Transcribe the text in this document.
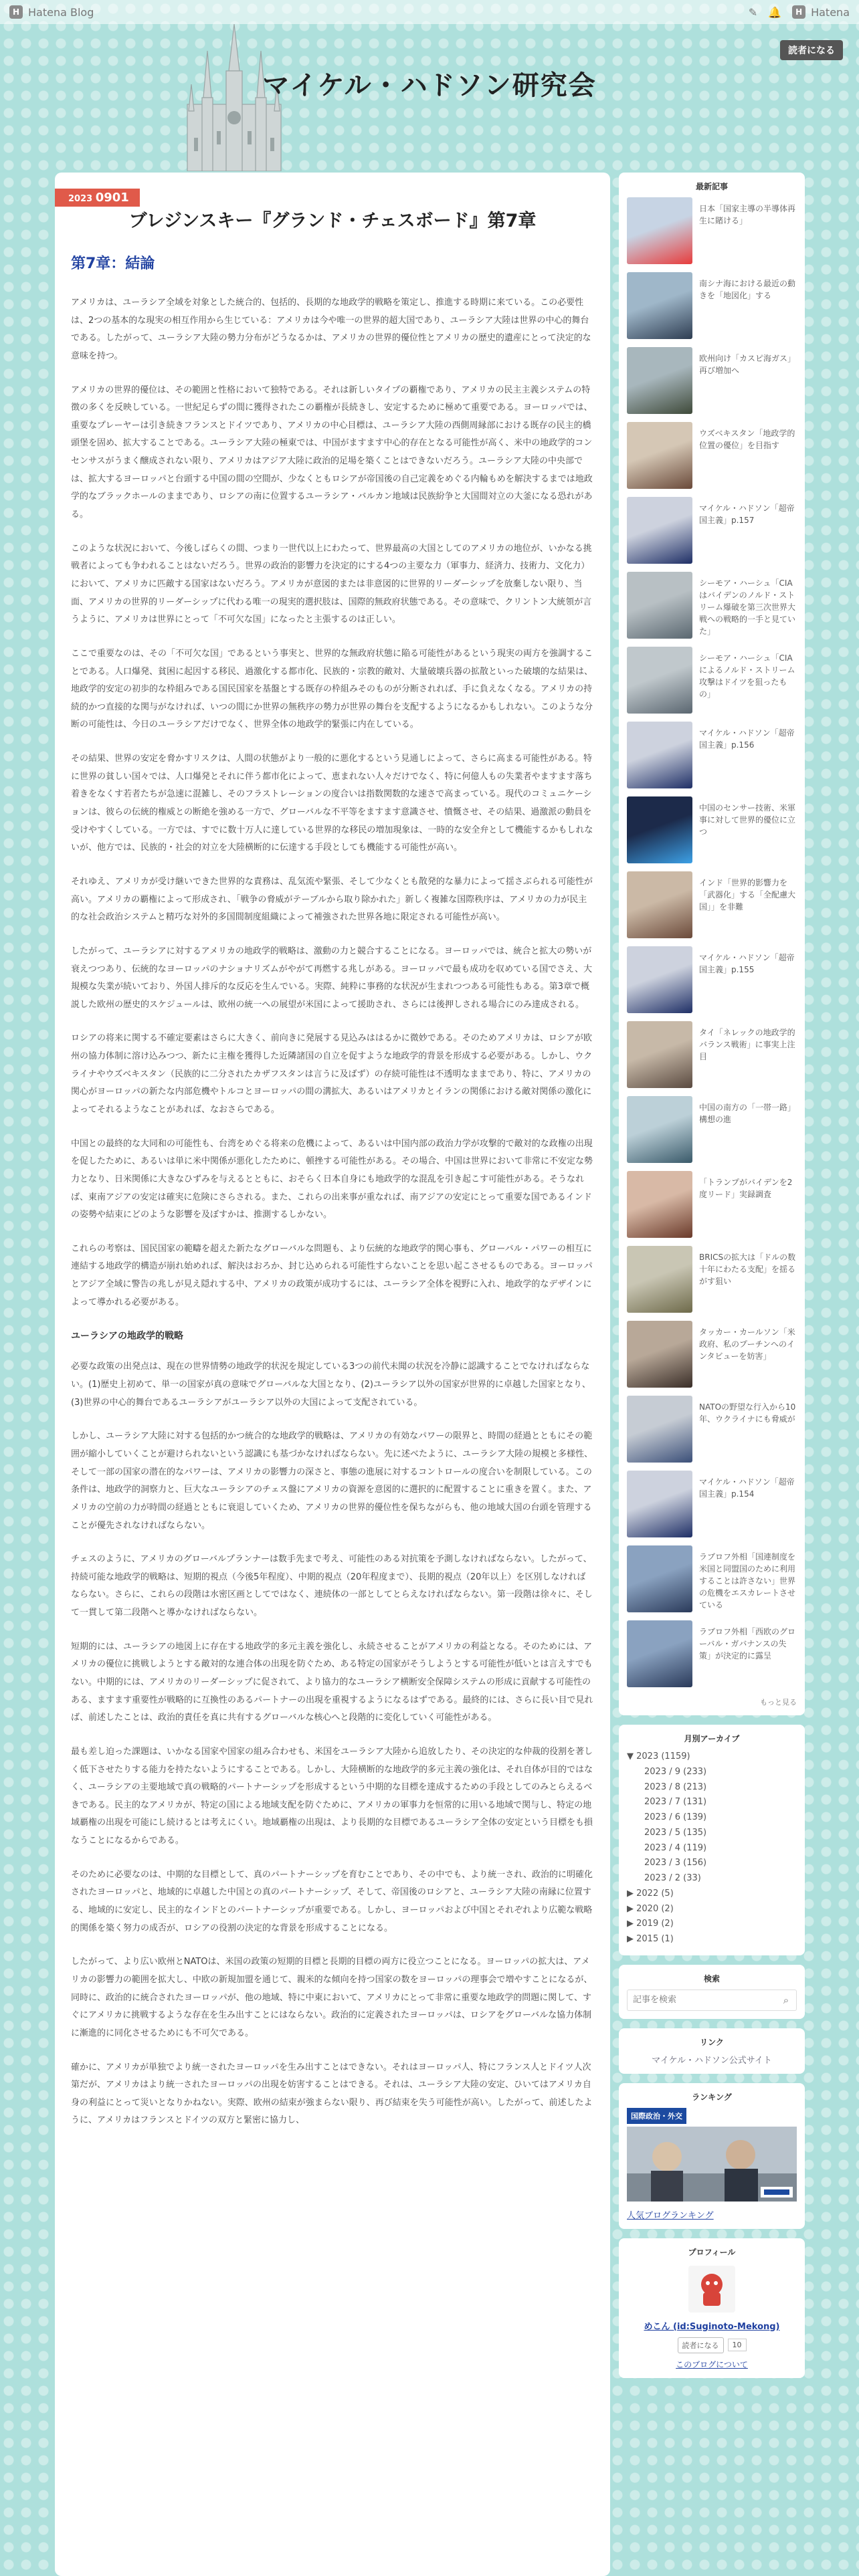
H Hatena Blog	✎ 🔔	H Hatena
マイケル・ハドソン研究会
読者になる
2023 0901
ブレジンスキー『グランド・チェスボード』第7章
第7章：結論

アメリカは、ユーラシア全域を対象とした統合的、包括的、長期的な地政学的戦略を策定し、推進する時期に来ている。この必要性は、2つの基本的な現実の相互作用から生じている：アメリカは今や唯一の世界的超大国であり、ユーラシア大陸は世界の中心的舞台である。したがって、ユーラシア大陸の勢力分布がどうなるかは、アメリカの世界的優位性とアメリカの歴史的遺産にとって決定的な意味を持つ。

アメリカの世界的優位は、その範囲と性格において独特である。それは新しいタイプの覇権であり、アメリカの民主主義システムの特徴の多くを反映している。一世紀足らずの間に獲得されたこの覇権が長続きし、安定するために極めて重要である。ヨーロッパでは、重要なプレーヤーは引き続きフランスとドイツであり、アメリカの中心目標は、ユーラシア大陸の西側周縁部における既存の民主的橋頭堡を固め、拡大することである。ユーラシア大陸の極東では、中国がますます中心的存在となる可能性が高く、米中の地政学的コンセンサスがうまく醸成されない限り、アメリカはアジア大陸に政治的足場を築くことはできないだろう。ユーラシア大陸の中央部では、拡大するヨーロッパと台頭する中国の間の空間が、少なくともロシアが帝国後の自己定義をめぐる内輪もめを解決するまでは地政学的なブラックホールのままであり、ロシアの南に位置するユーラシア・バルカン地域は民族紛争と大国間対立の大釜になる恐れがある。

このような状況において、今後しばらくの間、つまり一世代以上にわたって、世界最高の大国としてのアメリカの地位が、いかなる挑戦者によっても争われることはないだろう。世界の政治的影響力を決定的にする4つの主要な力（軍事力、経済力、技術力、文化力）において、アメリカに匹敵する国家はないだろう。アメリカが意図的または非意図的に世界的リーダーシップを放棄しない限り、当面、アメリカの世界的リーダーシップに代わる唯一の現実的選択肢は、国際的無政府状態である。その意味で、クリントン大統領が言うように、アメリカは世界にとって「不可欠な国」になったと主張するのは正しい。

ここで重要なのは、その「不可欠な国」であるという事実と、世界的な無政府状態に陥る可能性があるという現実の両方を強調することである。人口爆発、貧困に起因する移民、過激化する都市化、民族的・宗教的敵対、大量破壊兵器の拡散といった破壊的な結果は、地政学的安定の初歩的な枠組みである国民国家を基盤とする既存の枠組みそのものが分断されれば、手に負えなくなる。アメリカの持続的かつ直接的な関与がなければ、いつの間にか世界の無秩序の勢力が世界の舞台を支配するようになるかもしれない。このような分断の可能性は、今日のユーラシアだけでなく、世界全体の地政学的緊張に内在している。

その結果、世界の安定を脅かすリスクは、人間の状態がより一般的に悪化するという見通しによって、さらに高まる可能性がある。特に世界の貧しい国々では、人口爆発とそれに伴う都市化によって、恵まれない人々だけでなく、特に何億人もの失業者やますます落ち着きをなくす若者たちが急速に混雑し、そのフラストレーションの度合いは指数関数的な速さで高まっている。現代のコミュニケーションは、彼らの伝統的権威との断絶を強める一方で、グローバルな不平等をますます意識させ、憤慨させ、その結果、過激派の動員を受けやすくしている。一方では、すでに数十万人に達している世界的な移民の増加現象は、一時的な安全弁として機能するかもしれないが、他方では、民族的・社会的対立を大陸横断的に伝達する手段としても機能する可能性が高い。

それゆえ、アメリカが受け継いできた世界的な責務は、乱気流や緊張、そして少なくとも散発的な暴力によって揺さぶられる可能性が高い。アメリカの覇権によって形成され、「戦争の脅威がテーブルから取り除かれた」新しく複雑な国際秩序は、アメリカの力が民主的な社会政治システムと精巧な対外的多国間制度組織によって補強された世界各地に限定される可能性が高い。

したがって、ユーラシアに対するアメリカの地政学的戦略は、激動の力と競合することになる。ヨーロッパでは、統合と拡大の勢いが衰えつつあり、伝統的なヨーロッパのナショナリズムがやがて再燃する兆しがある。ヨーロッパで最も成功を収めている国でさえ、大規模な失業が続いており、外国人排斥的な反応を生んでいる。実際、純粋に事務的な状況が生まれつつある可能性もある。第3章で概説した欧州の歴史的スケジュールは、欧州の統一への展望が米国によって援助され、さらには後押しされる場合にのみ達成される。

ロシアの将来に関する不確定要素はさらに大きく、前向きに発展する見込みははるかに微妙である。そのためアメリカは、ロシアが欧州の協力体制に溶け込みつつ、新たに主権を獲得した近隣諸国の自立を促すような地政学的背景を形成する必要がある。しかし、ウクライナやウズベキスタン（民族的に二分されたカザフスタンは言うに及ばず）の存続可能性は不透明なままであり、特に、アメリカの関心がヨーロッパの新たな内部危機やトルコとヨーロッパの間の溝拡大、あるいはアメリカとイランの関係における敵対関係の激化によってそれるようなことがあれば、なおさらである。

中国との最終的な大同和の可能性も、台湾をめぐる将来の危機によって、あるいは中国内部の政治力学が攻撃的で敵対的な政権の出現を促したために、あるいは単に米中関係が悪化したために、頓挫する可能性がある。その場合、中国は世界において非常に不安定な勢力となり、日米関係に大きなひずみを与えるとともに、おそらく日本自身にも地政学的な混乱を引き起こす可能性がある。そうなれば、東南アジアの安定は確実に危険にさらされる。また、これらの出来事が重なれば、南アジアの安定にとって重要な国であるインドの姿勢や結束にどのような影響を及ぼすかは、推測するしかない。

これらの考察は、国民国家の範疇を超えた新たなグローバルな問題も、より伝統的な地政学的関心事も、グローバル・パワーの相互に連結する地政学的構造が崩れ始めれば、解決はおろか、封じ込められる可能性すらないことを思い起こさせるものである。ヨーロッパとアジア全域に警告の兆しが見え隠れする中、アメリカの政策が成功するには、ユーラシア全体を視野に入れ、地政学的なデザインによって導かれる必要がある。

ユーラシアの地政学的戦略

必要な政策の出発点は、現在の世界情勢の地政学的状況を規定している3つの前代未聞の状況を冷静に認識することでなければならない。(1)歴史上初めて、単一の国家が真の意味でグローバルな大国となり、(2)ユーラシア以外の国家が世界的に卓越した国家となり、(3)世界の中心的舞台であるユーラシアがユーラシア以外の大国によって支配されている。

しかし、ユーラシア大陸に対する包括的かつ統合的な地政学的戦略は、アメリカの有効なパワーの限界と、時間の経過とともにその範囲が縮小していくことが避けられないという認識にも基づかなければならない。先に述べたように、ユーラシア大陸の規模と多様性、そして一部の国家の潜在的なパワーは、アメリカの影響力の深さと、事態の進展に対するコントロールの度合いを制限している。この条件は、地政学的洞察力と、巨大なユーラシアのチェス盤にアメリカの資源を意図的に選択的に配置することに重きを置く。また、アメリカの空前の力が時間の経過とともに衰退していくため、アメリカの世界的優位性を保ちながらも、他の地域大国の台頭を管理することが優先されなければならない。

チェスのように、アメリカのグローバルプランナーは数手先まで考え、可能性のある対抗策を予測しなければならない。したがって、持続可能な地政学的戦略は、短期的視点（今後5年程度）、中期的視点（20年程度まで）、長期的視点（20年以上）を区別しなければならない。さらに、これらの段階は水密区画としてではなく、連続体の一部としてとらえなければならない。第一段階は徐々に、そして一貫して第二段階へと導かなければならない。

短期的には、ユーラシアの地図上に存在する地政学的多元主義を強化し、永続させることがアメリカの利益となる。そのためには、アメリカの優位に挑戦しようとする敵対的な連合体の出現を防ぐため、ある特定の国家がそうしようとする可能性が低いとは言えすでもない。中期的には、アメリカのリーダーシップに促されて、より協力的なユーラシア横断安全保障システムの形成に貢献する可能性のある、ますます重要性が戦略的に互換性のあるパートナーの出現を重視するようになるはずである。最終的には、さらに長い目で見れば、前述したことは、政治的責任を真に共有するグローバルな核心へと段階的に変化していく可能性がある。

最も差し迫った課題は、いかなる国家や国家の組み合わせも、米国をユーラシア大陸から追放したり、その決定的な仲裁的役割を著しく低下させたりする能力を持たないようにすることである。しかし、大陸横断的な地政学的多元主義の強化は、それ自体が目的ではなく、ユーラシアの主要地域で真の戦略的パートナーシップを形成するという中期的な目標を達成するための手段としてのみとらえるべきである。民主的なアメリカが、特定の国による地域支配を防ぐために、アメリカの軍事力を恒常的に用いる地域で関与し、特定の地域覇権の出現を可能にし続けるとは考えにくい。地域覇権の出現は、より長期的な目標であるユーラシア全体の安定という目標をも損なうことになるからである。

そのために必要なのは、中期的な目標として、真のパートナーシップを育むことであり、その中でも、より統一され、政治的に明確化されたヨーロッパと、地域的に卓越した中国との真のパートナーシップ、そして、帝国後のロシアと、ユーラシア大陸の南縁に位置する、地域的に安定し、民主的なインドとのパートナーシップが重要である。しかし、ヨーロッパおよび中国とそれぞれより広範な戦略的関係を築く努力の成否が、ロシアの役割の決定的な背景を形成することになる。

したがって、より広い欧州とNATOは、米国の政策の短期的目標と長期的目標の両方に役立つことになる。ヨーロッパの拡大は、アメリカの影響力の範囲を拡大し、中欧の新規加盟を通じて、親米的な傾向を持つ国家の数をヨーロッパの理事会で増やすことになるが、同時に、政治的に統合されたヨーロッパが、他の地域、特に中東において、アメリカにとって非常に重要な地政学的問題に関して、すぐにアメリカに挑戦するような存在を生み出すことにはならない。政治的に定義されたヨーロッパは、ロシアをグローバルな協力体制に漸進的に同化させるためにも不可欠である。

確かに、アメリカが単独でより統一されたヨーロッパを生み出すことはできない。それはヨーロッパ人、特にフランス人とドイツ人次第だが、アメリカはより統一されたヨーロッパの出現を妨害することはできる。それは、ユーラシア大陸の安定、ひいてはアメリカ自身の利益にとって災いとなりかねない。実際、欧州の結束が強まらない限り、再び結束を失う可能性が高い。したがって、前述したように、アメリカはフランスとドイツの双方と緊密に協力し、

最新記事
日本「国家主導の半導体再生に賭ける」
南シナ海における最近の動きを「地図化」する
欧州向け「カスピ海ガス」再び増加へ
ウズベキスタン「地政学的位置の優位」を目指す
マイケル・ハドソン「超帝国主義」p.157
シーモア・ハーシュ「CIAはバイデンのノルド・ストリーム爆破を第三次世界大戦への戦略的一手と見ていた」
シーモア・ハーシュ「CIAによるノルド・ストリーム攻撃はドイツを狙ったもの」
マイケル・ハドソン「超帝国主義」p.156
中国のセンサー技術、米軍事に対して世界的優位に立つ
インド「世界的影響力を「武器化」する「全配慮大国」」を非難
マイケル・ハドソン「超帝国主義」p.155
タイ「ネレックの地政学的バランス戦術」に事実上注目
中国の南方の「一帯一路」構想の進
「トランプがバイデンを2度リード」実録調査
BRICSの拡大は「ドルの数十年にわたる支配」を揺るがす狙い
タッカー・カールソン「米政府、私のプーチンへのインタビューを妨害」
NATOの野望な行入から10年、ウクライナにも脅威が
マイケル・ハドソン「超帝国主義」p.154
ラブロフ外相「国連制度を米国と同盟国のために利用することは許さない」世界の危機をエスカレートさせている
ラブロフ外相「西欧のグローバル・ガバナンスの失策」が決定的に露呈
もっと見る
月別アーカイブ
▼ 2023 (1159)
2023 / 9 (233)
2023 / 8 (213)
2023 / 7 (131)
2023 / 6 (139)
2023 / 5 (135)
2023 / 4 (119)
2023 / 3 (156)
2023 / 2 (33)
▶ 2022 (5)
▶ 2020 (2)
▶ 2019 (2)
▶ 2015 (1)
検索
記事を検索
⌕
リンク
マイケル・ハドソン公式サイト
ランキング
国際政治・外交
人気ブログランキング
プロフィール
めこん (id:Suginoto-Mekong)
読者になる	10
このブログについて
